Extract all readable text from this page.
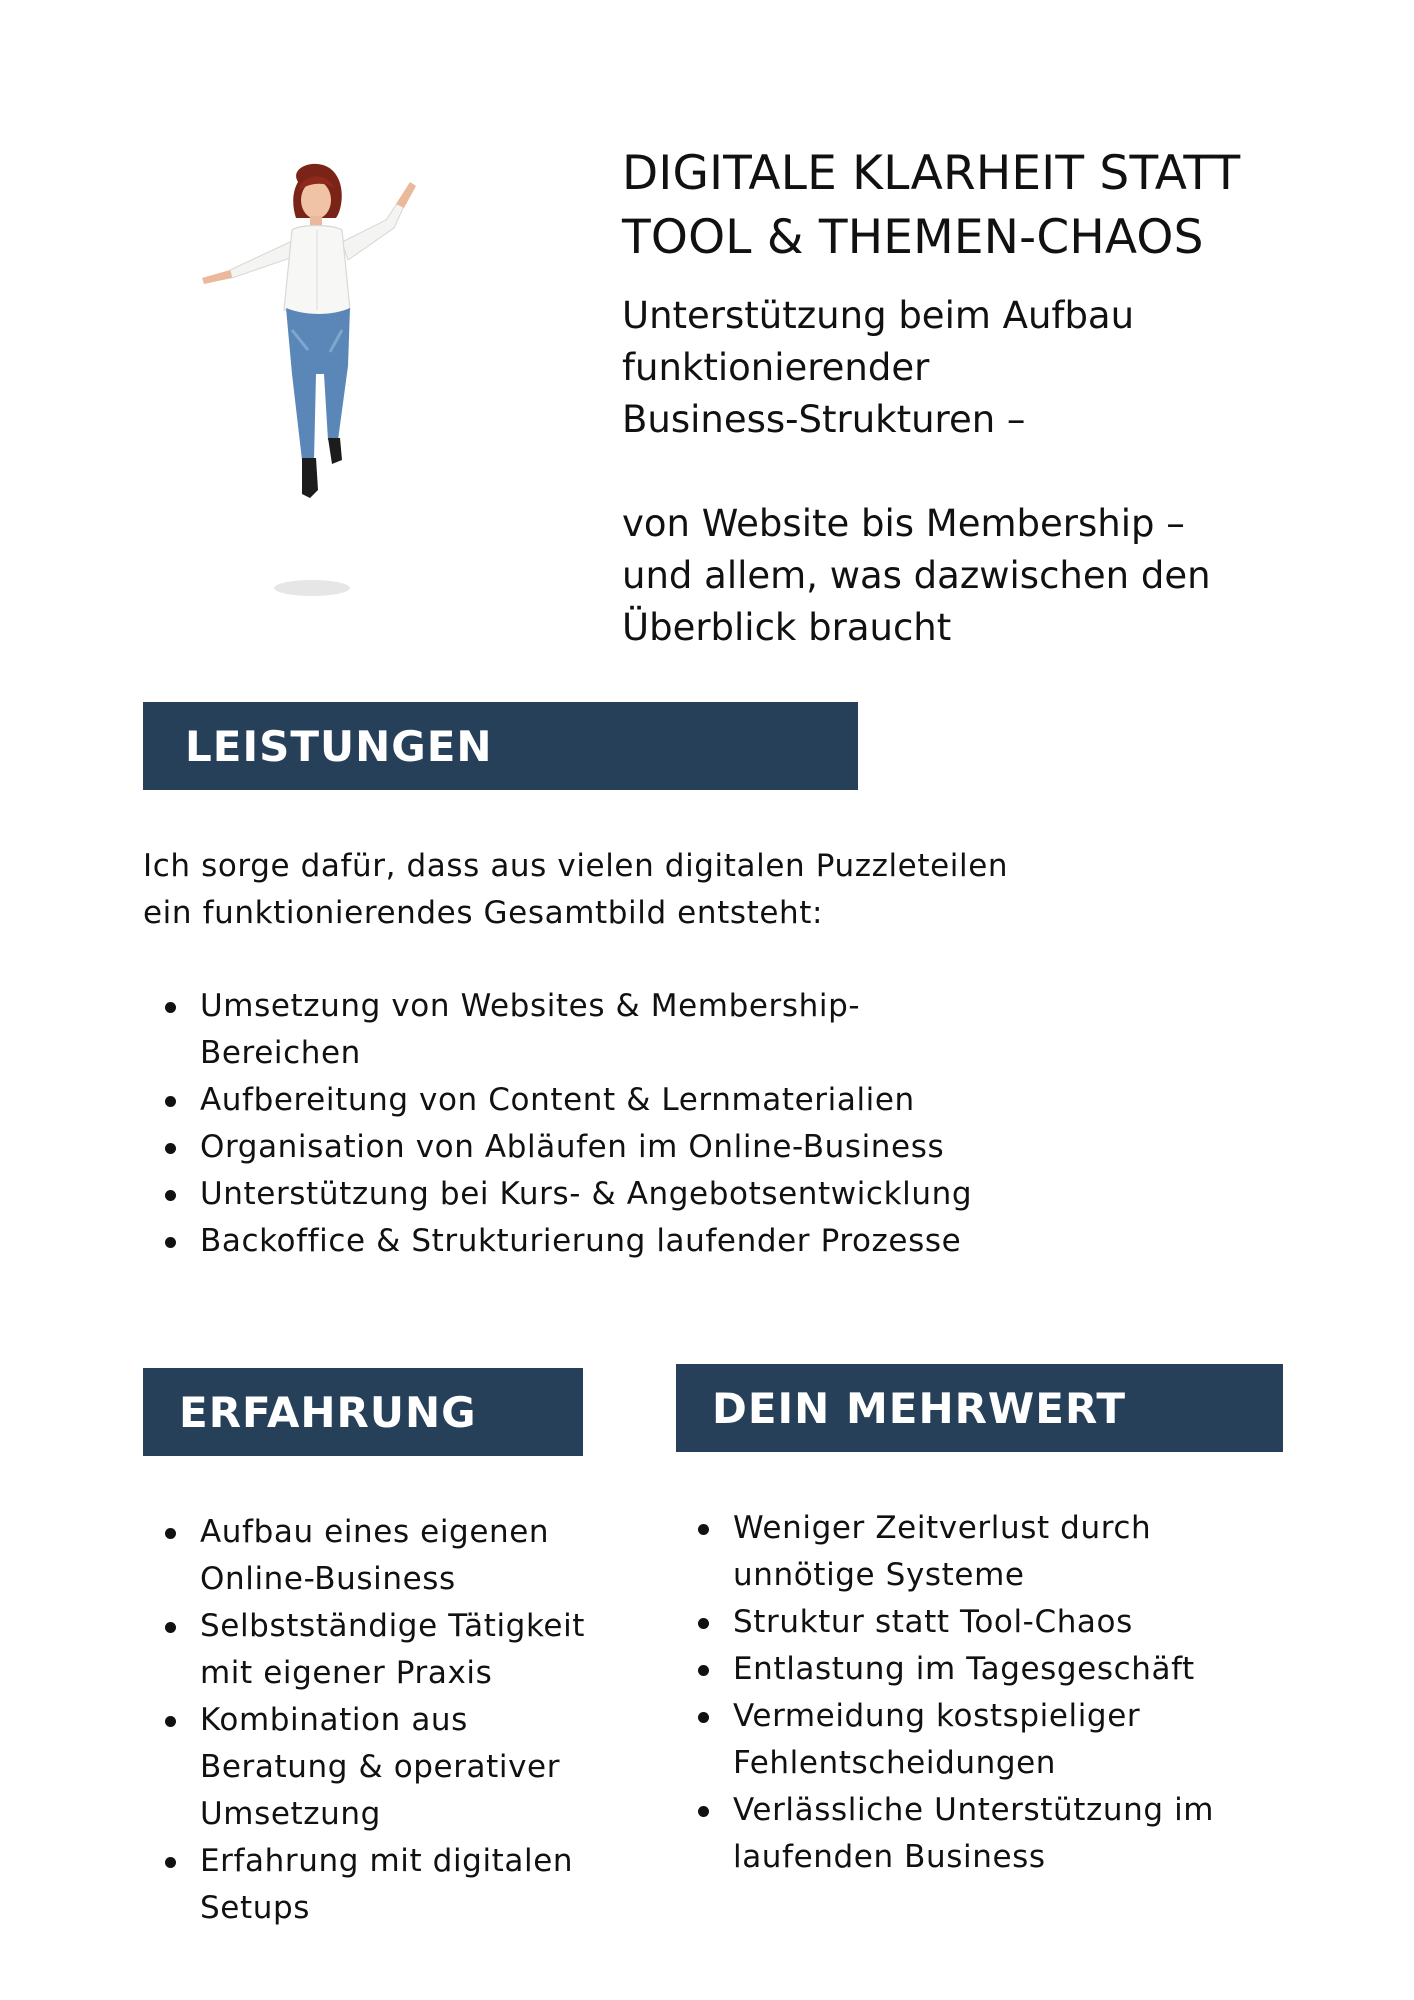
DIGITALE KLARHEIT STATT
TOOL & THEMEN-CHAOS
Unterstützung beim Aufbau
funktionierender
Business-Strukturen –
von Website bis Membership –
und allem, was dazwischen den
Überblick braucht
LEISTUNGEN
Ich sorge dafür, dass aus vielen digitalen Puzzleteilen
ein funktionierendes Gesamtbild entsteht:
Umsetzung von Websites & Membership-
Bereichen
Aufbereitung von Content & Lernmaterialien
Organisation von Abläufen im Online-Business
Unterstützung bei Kurs- & Angebotsentwicklung
Backoffice & Strukturierung laufender Prozesse
ERFAHRUNG
Aufbau eines eigenen
Online-Business
Selbstständige Tätigkeit
mit eigener Praxis
Kombination aus
Beratung & operativer
Umsetzung
Erfahrung mit digitalen
Setups
DEIN MEHRWERT
Weniger Zeitverlust durch
unnötige Systeme
Struktur statt Tool-Chaos
Entlastung im Tagesgeschäft
Vermeidung kostspieliger
Fehlentscheidungen
Verlässliche Unterstützung im
laufenden Business
